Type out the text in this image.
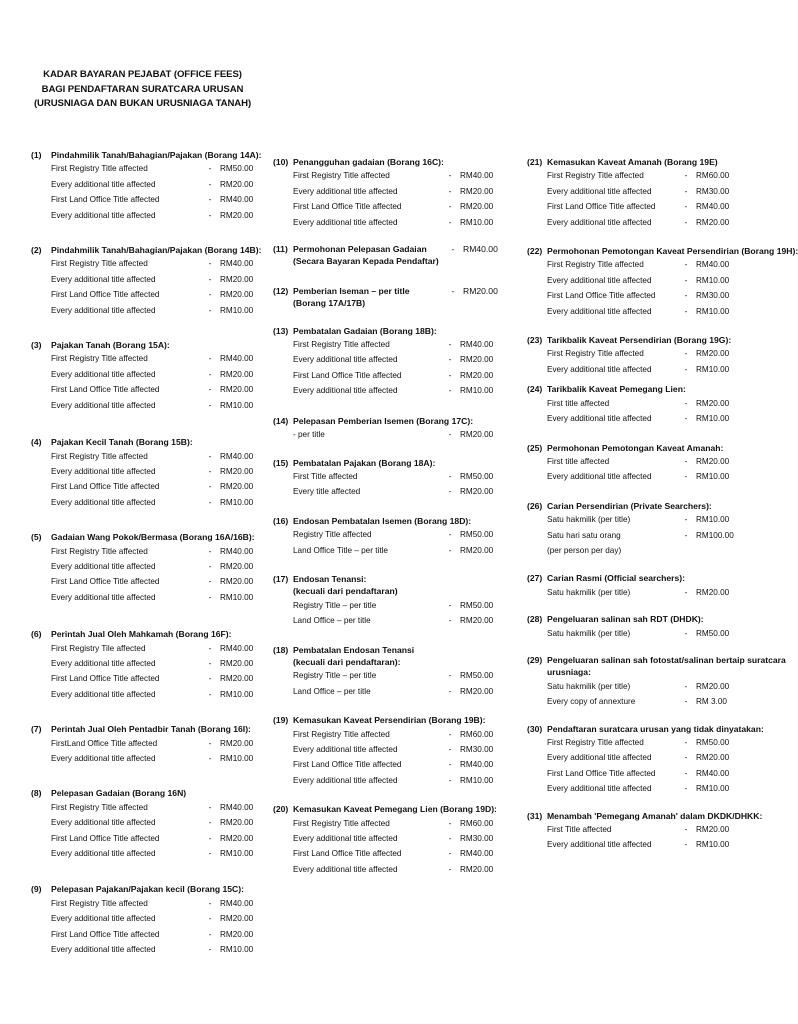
KADAR BAYARAN PEJABAT (OFFICE FEES)
BAGI PENDAFTARAN SURATCARA URUSAN
(URUSNIAGA DAN BUKAN URUSNIAGA TANAH)
(1)	Pindahmilik Tanah/Bahagian/Pajakan (Borang 14A):
First Registry Title affected	-	RM50.00
Every additional title affected	-	RM20.00
First Land Office Title affected	-	RM40.00
Every additional title affected	-	RM20.00
(2)	Pindahmilik Tanah/Bahagian/Pajakan (Borang 14B):
First Registry Title affected	-	RM40.00
Every additional title affected	-	RM20.00
First Land Office Title affected	-	RM20.00
Every additional title affected	-	RM10.00
(3)	Pajakan Tanah (Borang 15A):
First Registry Title affected	-	RM40.00
Every additional title affected	-	RM20.00
First Land Office Title affected	-	RM20.00
Every additional title affected	-	RM10.00
(4)	Pajakan Kecil Tanah (Borang 15B):
First Registry Title affected	-	RM40.00
Every additional title affected	-	RM20.00
First Land Office Title affected	-	RM20.00
Every additional title affected	-	RM10.00
(5)	Gadaian Wang Pokok/Bermasa (Borang 16A/16B):
First Registry Title affected	-	RM40.00
Every additional title affected	-	RM20.00
First Land Office Title affected	-	RM20.00
Every additional title affected	-	RM10.00
(6)	Perintah Jual Oleh Mahkamah (Borang 16F):
First Registry Tile affected	-	RM40.00
Every additional title affected	-	RM20.00
First Land Office Title affected	-	RM20.00
Every additional title affected	-	RM10.00
(7)	Perintah Jual Oleh Pentadbir Tanah (Borang 16I):
FirstLand Office Title affected	-	RM20.00
Every additional title affected	-	RM10.00
(8)	Pelepasan Gadaian (Borang 16N)
First Registry Title affected	-	RM40.00
Every additional title affected	-	RM20.00
First Land Office Title affected	-	RM20.00
Every additional title affected	-	RM10.00
(9)	Pelepasan Pajakan/Pajakan kecil (Borang 15C):
First Registry Title affected	-	RM40.00
Every additional title affected	-	RM20.00
First Land Office Title affected	-	RM20.00
Every additional title affected	-	RM10.00
(10) Penangguhan gadaian (Borang 16C):
First Registry Title affected	-	RM40.00
Every additional title affected	-	RM20.00
First Land Office Title affected	-	RM20.00
Every additional title affected	-	RM10.00
(11) Permohonan Pelepasan Gadaian	- RM40.00
(Secara Bayaran Kepada Pendaftar)
(12) Pemberian Iseman – per title	- RM20.00
(Borang 17A/17B)
(13) Pembatalan Gadaian (Borang 18B):
First Registry Title affected	-	RM40.00
Every additional title affected	-	RM20.00
First Land Office Title affected	-	RM20.00
Every additional title affected	-	RM10.00
(14) Pelepasan Pemberian Isemen (Borang 17C):
- per title	-	RM20.00
(15) Pembatalan Pajakan (Borang 18A):
First Title affected	-	RM50.00
Every title affected	-	RM20.00
(16) Endosan Pembatalan Isemen (Borang 18D):
Registry Title affected	-	RM50.00
Land Office Title – per title	-	RM20.00
(17) Endosan Tenansi:
(kecuali dari pendaftaran)
Registry Title – per title	-	RM50.00
Land Office – per title	-	RM20.00
(18) Pembatalan Endosan Tenansi
(kecuali dari pendaftaran):
Registry Title – per title	-	RM50.00
Land Office – per title	-	RM20.00
(19) Kemasukan Kaveat Persendirian (Borang 19B):
First Registry Title affected	-	RM60.00
Every additional title affected	-	RM30.00
First Land Office Title affected	-	RM40.00
Every additional title affected	-	RM10.00
(20) Kemasukan Kaveat Pemegang Lien (Borang 19D):
First Registry Title affected	-	RM60.00
Every additional title affected	-	RM30.00
First Land Office Title affected	-	RM40.00
Every additional title affected	-	RM20.00
(21) Kemasukan Kaveat Amanah (Borang 19E)
First Registry Title affected	-	RM60.00
Every additional title affected	-	RM30.00
First Land Office Title affected	-	RM40.00
Every additional title affected	-	RM20.00
(22) Permohonan Pemotongan Kaveat Persendirian (Borang 19H):
First Registry Title affected	-	RM40.00
Every additional title affected	-	RM10.00
First Land Office Title affected	-	RM30.00
Every additional title affected	-	RM10.00
(23) Tarikbalik Kaveat Persendirian (Borang 19G):
First Registry Title affected	-	RM20.00
Every additional title affected	-	RM10.00
(24) Tarikbalik Kaveat Pemegang Lien:
First title affected	-	RM20.00
Every additional title affected	-	RM10.00
(25) Permohonan Pemotongan Kaveat Amanah:
First title affected	-	RM20.00
Every additional title affected	-	RM10.00
(26) Carian Persendirian (Private Searchers):
Satu hakmilik (per title)	-	RM10.00
Satu hari satu orang	-	RM100.00
(per person per day)
(27) Carian Rasmi (Official searchers):
Satu hakmilik (per title)	-	RM20.00
(28) Pengeluaran salinan sah RDT (DHDK):
Satu hakmilik (per title)	-	RM50.00
(29) Pengeluaran salinan sah fotostat/salinan bertaip suratcara
urusniaga:
Satu hakmilik (per title)	-	RM20.00
Every copy of annexture	-	RM 3.00
(30) Pendaftaran suratcara urusan yang tidak dinyatakan:
First Registry Title affected	-	RM50.00
Every additional title affected	-	RM20.00
First Land Office Title affected	-	RM40.00
Every additional title affected	-	RM10.00
(31) Menambah 'Pemegang Amanah' dalam DKDK/DHKK:
First Title affected	-	RM20.00
Every additional title affected	-	RM10.00
